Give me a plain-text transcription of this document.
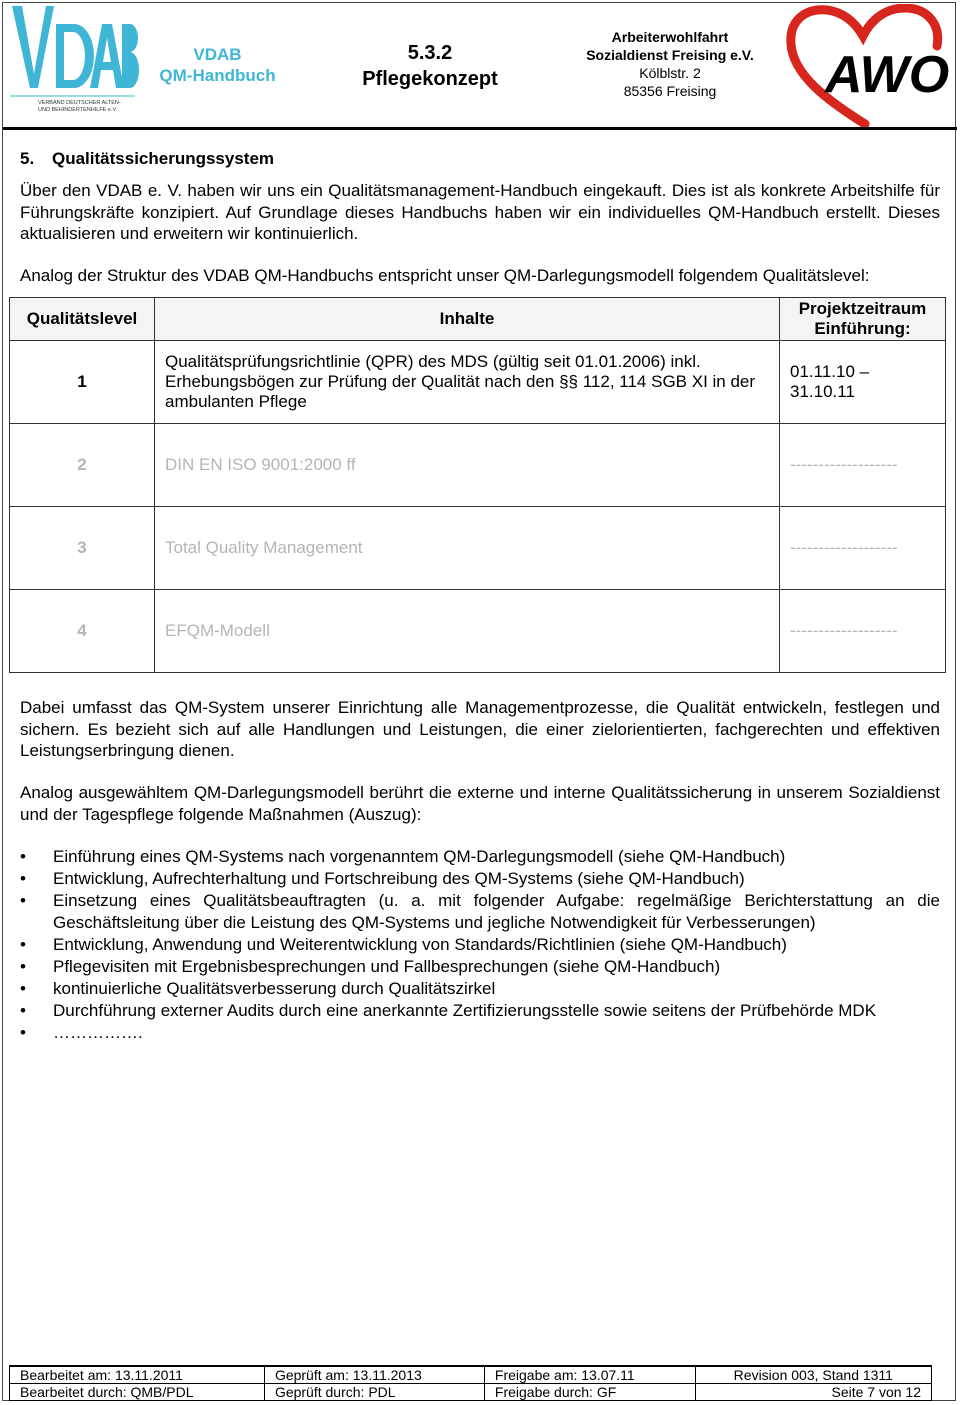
VERBAND DEUTSCHER ALTEN-
UND BEHINDERTENHILFE e.V.
VDAB
QM-Handbuch
5.3.2
Pflegekonzept
Arbeiterwohlfahrt
Sozialdienst Freising e.V.
Kölblstr. 2
85356 Freising	AWO
5. Qualitätssicherungssystem
Über den VDAB e. V. haben wir uns ein Qualitätsmanagement-Handbuch eingekauft. Dies ist als konkrete Arbeitshilfe für Führungskräfte konzipiert. Auf Grundlage dieses Handbuchs haben wir ein individuelles QM-Handbuch erstellt. Dieses aktualisieren und erweitern wir kontinuierlich.
Analog der Struktur des VDAB QM-Handbuchs entspricht unser QM-Darlegungsmodell folgendem Qualitätslevel:
Qualitätslevel	Inhalte	Projektzeitraum
Einführung:

1	Qualitätsprüfungsrichtlinie (QPR) des MDS (gültig seit 01.01.2006) inkl. Erhebungsbögen zur Prüfung der Qualität nach den §§ 112, 114 SGB XI in der ambulanten Pflege	01.11.10 – 31.10.11
2	DIN EN ISO 9001:2000 ff	-------------------
3	Total Quality Management	-------------------
4	EFQM-Modell	-------------------
Dabei umfasst das QM-System unserer Einrichtung alle Managementprozesse, die Qualität entwickeln, festlegen und sichern. Es bezieht sich auf alle Handlungen und Leistungen, die einer zielorientierten, fachgerechten und effektiven Leistungserbringung dienen.
Analog ausgewähltem QM-Darlegungsmodell berührt die externe und interne Qualitätssicherung in unserem Sozialdienst und der Tagespflege folgende Maßnahmen (Auszug):
• Einführung eines QM-Systems nach vorgenanntem QM-Darlegungsmodell (siehe QM-Handbuch)
• Entwicklung, Aufrechterhaltung und Fortschreibung des QM-Systems (siehe QM-Handbuch)
• Einsetzung eines Qualitätsbeauftragten (u. a. mit folgender Aufgabe: regelmäßige Berichterstattung an die Geschäftsleitung über die Leistung des QM-Systems und jegliche Notwendigkeit für Verbesserungen)
• Entwicklung, Anwendung und Weiterentwicklung von Standards/Richtlinien (siehe QM-Handbuch)
• Pflegevisiten mit Ergebnisbesprechungen und Fallbesprechungen (siehe QM-Handbuch)
• kontinuierliche Qualitätsverbesserung durch Qualitätszirkel
• Durchführung externer Audits durch eine anerkannte Zertifizierungsstelle sowie seitens der Prüfbehörde MDK
• …………….
Bearbeitet am: 13.11.2011	Geprüft am: 13.11.2013	Freigabe am: 13.07.11	Revision 003, Stand 1311
Bearbeitet durch: QMB/PDL	Geprüft durch: PDL	Freigabe durch: GF	Seite 7 von 12
